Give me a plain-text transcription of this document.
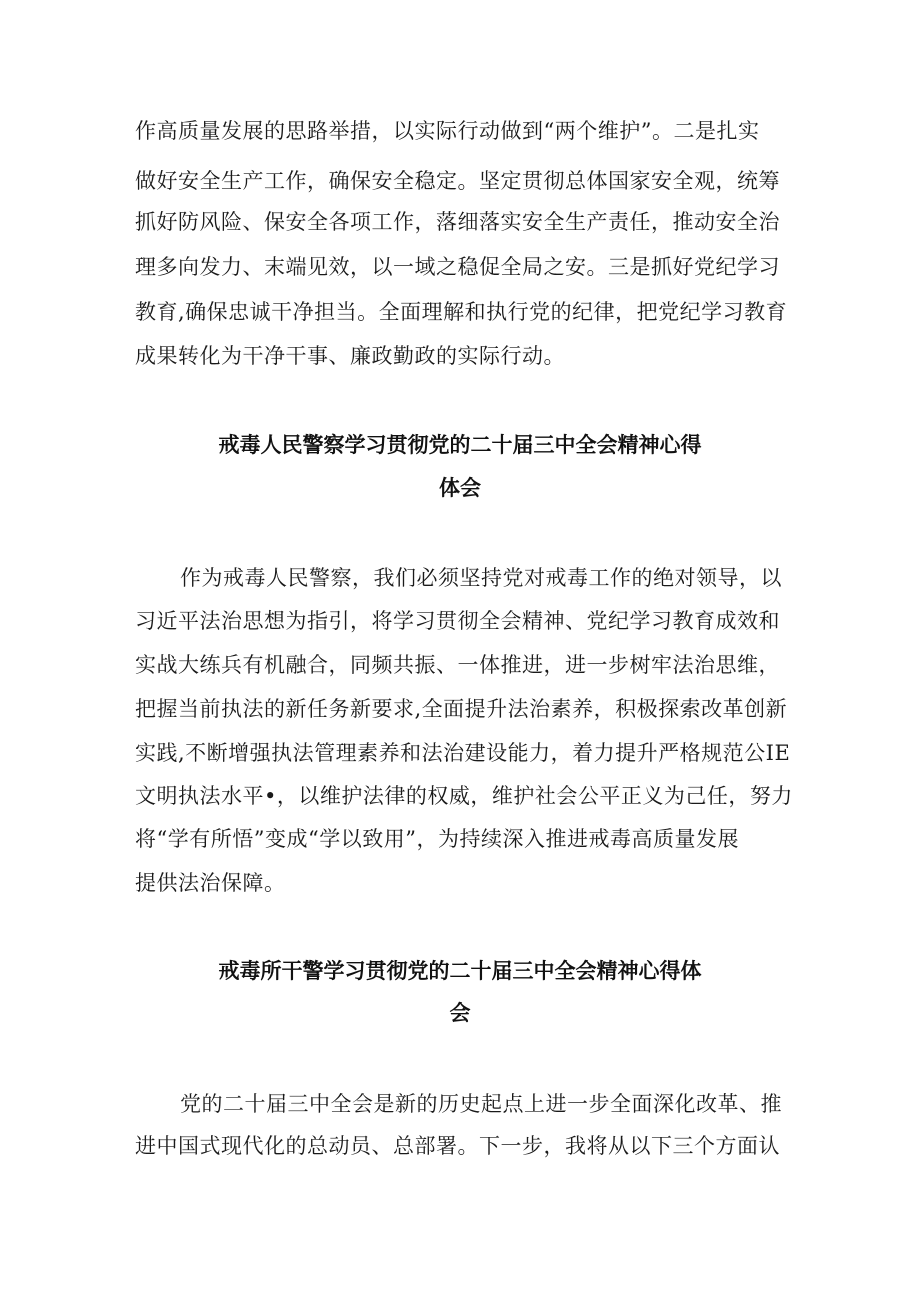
作高质量发展的思路举措，以实际行动做到“两个维护”。二是扎实
做好安全生产工作，确保安全稳定。坚定贯彻总体国家安全观，统筹
抓好防风险、保安全各项工作，落细落实安全生产责任，推动安全治
理多向发力、末端见效，以一域之稳促全局之安。三是抓好党纪学习
教育,确保忠诚干净担当。全面理解和执行党的纪律，把党纪学习教育
成果转化为干净干事、廉政勤政的实际行动。
戒毒人民警察学习贯彻党的二十届三中全会精神心得
体会
作为戒毒人民警察，我们必须坚持党对戒毒工作的绝对领导，以
习近平法治思想为指引，将学习贯彻全会精神、党纪学习教育成效和
实战大练兵有机融合，同频共振、一体推进，进一步树牢法治思维，
把握当前执法的新任务新要求,全面提升法治素养，积极探索改革创新
实践,不断增强执法管理素养和法治建设能力，着力提升严格规范公IE
文明执法水平•，以维护法律的权威，维护社会公平正义为己任，努力
将“学有所悟”变成“学以致用”，为持续深入推进戒毒高质量发展
提供法治保障。
戒毒所干警学习贯彻党的二十届三中全会精神心得体
会
党的二十届三中全会是新的历史起点上进一步全面深化改革、推
进中国式现代化的总动员、总部署。下一步，我将从以下三个方面认
